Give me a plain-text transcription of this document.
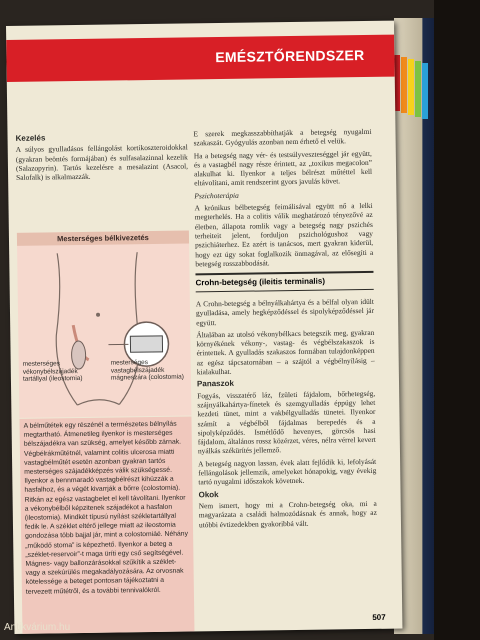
EMÉSZTŐRENDSZER
Kezelés

A súlyos gyulladásos fellángolást kortikoszteroidokkal (gyakran beöntés formájában) és sulfasalazinnal kezelik (Salazopyrin). Tartós kezelésre a mesalazint (Asacol, Salofalk) is alkalmazzák.

Mesterséges bélkivezetés
mesterséges vékonybélszájadék tartállyal (ileostomia)
mesterséges vastagbélszájadék mágneszára (colostomia)
A bélműtétek egy részénél a természetes bélnyílás megtartható. Átmenetileg ilyenkor is mesterséges bélszájadékra van szükség, amelyet később zárnak. Végbélrákműtétnél, valamint colitis ulcerosa miatti vastagbélműtét esetén azonban gyakran tartós mesterséges szájadékképzés válik szükségessé. Ilyenkor a bennmaradó vastagbélrészt kihúzzák a hasfalhoz, és a végét kivarrják a bőrre (colostomia). Ritkán az egész vastagbelet el kell távolítani. Ilyenkor a vékonybélből képzitenek szájadékot a hasfalon (ileostomia). Mindkét típusú nyílást székletartállyal fedik le. A széklet eltérő jellege miatt az ileostomia gondozása több bajjal jár, mint a colostomiáé. Néhány „működő stoma” is képezhető. Ilyenkor a beteg a „széklet-reservoir”-t maga üríti egy cső segítségével. Mágnes- vagy ballonzárásokkal szűkítik a széklet- vagy a szekúrülés megakadályozására. Az orvosnak kötelessége a beteget pontosan tájékoztatni a tervezett műtétről, és a további tennivalókról.

E szerek megkasszabbíthatják a betegség nyugalmi szakaszát. Gyógyulás azonban nem érhető el velük.

Ha a betegség nagy vér- és testsúlyveszteséggel jár együtt, és a vastagbél nagy része érintett, az „toxikus megacolon” alakulhat ki. Ilyenkor a teljes bélrészt műtéttel kell eltávolítani, amit rendszerint gyors javulás követ.

Pszichoterápia

A krónikus bélbetegség feimálisával együtt nő a lelki megterhelés. Ha a colitis válik meghatározó tényezővé az életben, állapota romlik vagy a betegség nagy pszichés terheiteit jelent, forduljon pszichológushoz vagy pszichiáterhez. Ez azért is tanácsos, mert gyakran kiderül, hogy ezt úgy sokat foglalkozik önmagával, az elősegíti a betegség rosszabbodását.

Crohn-betegség (ileitis terminalis)

A Crohn-betegség a bélnyálkahártya és a bélfal olyan idült gyulladása, amely hegképződéssel és sipolyképződéssel jár együtt.

Általában az utolsó vékonybélkacs betegszik meg, gyakran környékének vékony-, vastag- és végbélszakaszok is érintettek. A gyulladás szakaszos formában tulajdonképpen az egész tápcsatornában – a szájtól a végbélnyílásig – kialakulhat.

Panaszok

Fogyás, visszatérő láz, fzületi fájdalom, bőrhetegség, szájnyálkahártya-fínetek és szemgyulladás éppúgy lehet kezdeti tünet, mint a vakbélgyulladás tünetei. Ilyenkor számít a végbélből fájdalmas berepedés és a sipolyképződés. Ismétlődő hevenyes, görcsös hasi fájdalom, általános rossz közérzet, véres, nélra vérrel kevert nyálkás székürítés jellemző.

A betegség nagyon lassan, évek alatt fejlődik ki, lefolyását fellángolások jellemzik, amelyeket hónapokig, vagy évekig tartó nyugalmi időszakok követnek.

Okok

Nem ismert, hogy mi a Crohn-betegség oka, mi a magyarázata a családi halmozódásnak és annak, hogy az utóbbi évtizedekben gyakoribbá vált.

507
Antikvárium.hu
